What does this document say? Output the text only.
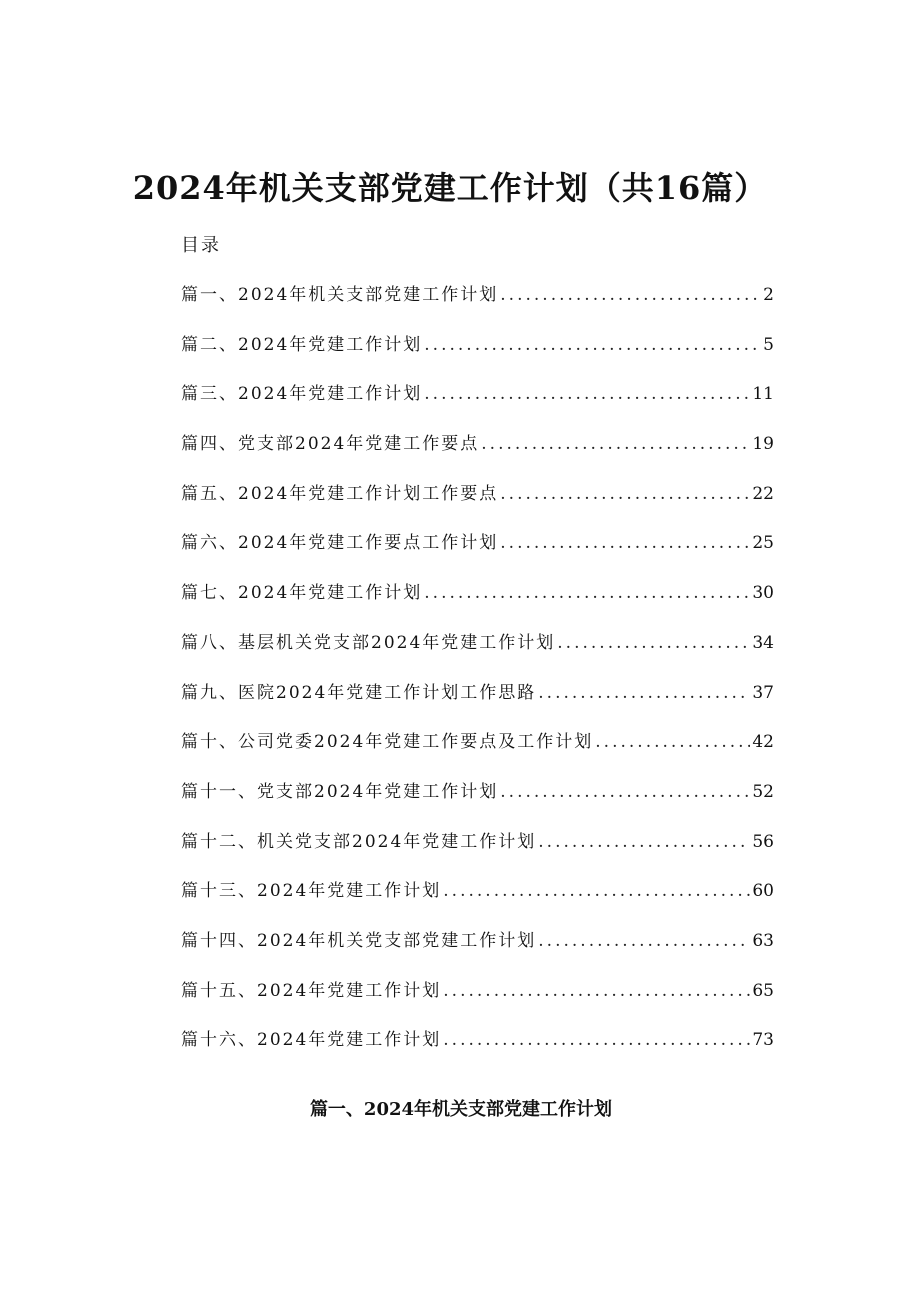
2024年机关支部党建工作计划（共16篇）
目录
篇一、2024年机关支部党建工作计划 .....	2
篇二、2024年党建工作计划 .....	5
篇三、2024年党建工作计划 .....	11
篇四、党支部2024年党建工作要点 .....	19
篇五、2024年党建工作计划工作要点 .....	22
篇六、2024年党建工作要点工作计划 .....	25
篇七、2024年党建工作计划 .....	30
篇八、基层机关党支部2024年党建工作计划 .....	34
篇九、医院2024年党建工作计划工作思路 .....	37
篇十、公司党委2024年党建工作要点及工作计划 .....	42
篇十一、党支部2024年党建工作计划 .....	52
篇十二、机关党支部2024年党建工作计划 .....	56
篇十三、2024年党建工作计划 .....	60
篇十四、2024年机关党支部党建工作计划 .....	63
篇十五、2024年党建工作计划 .....	65
篇十六、2024年党建工作计划 .....	73
篇一、2024年机关支部党建工作计划
